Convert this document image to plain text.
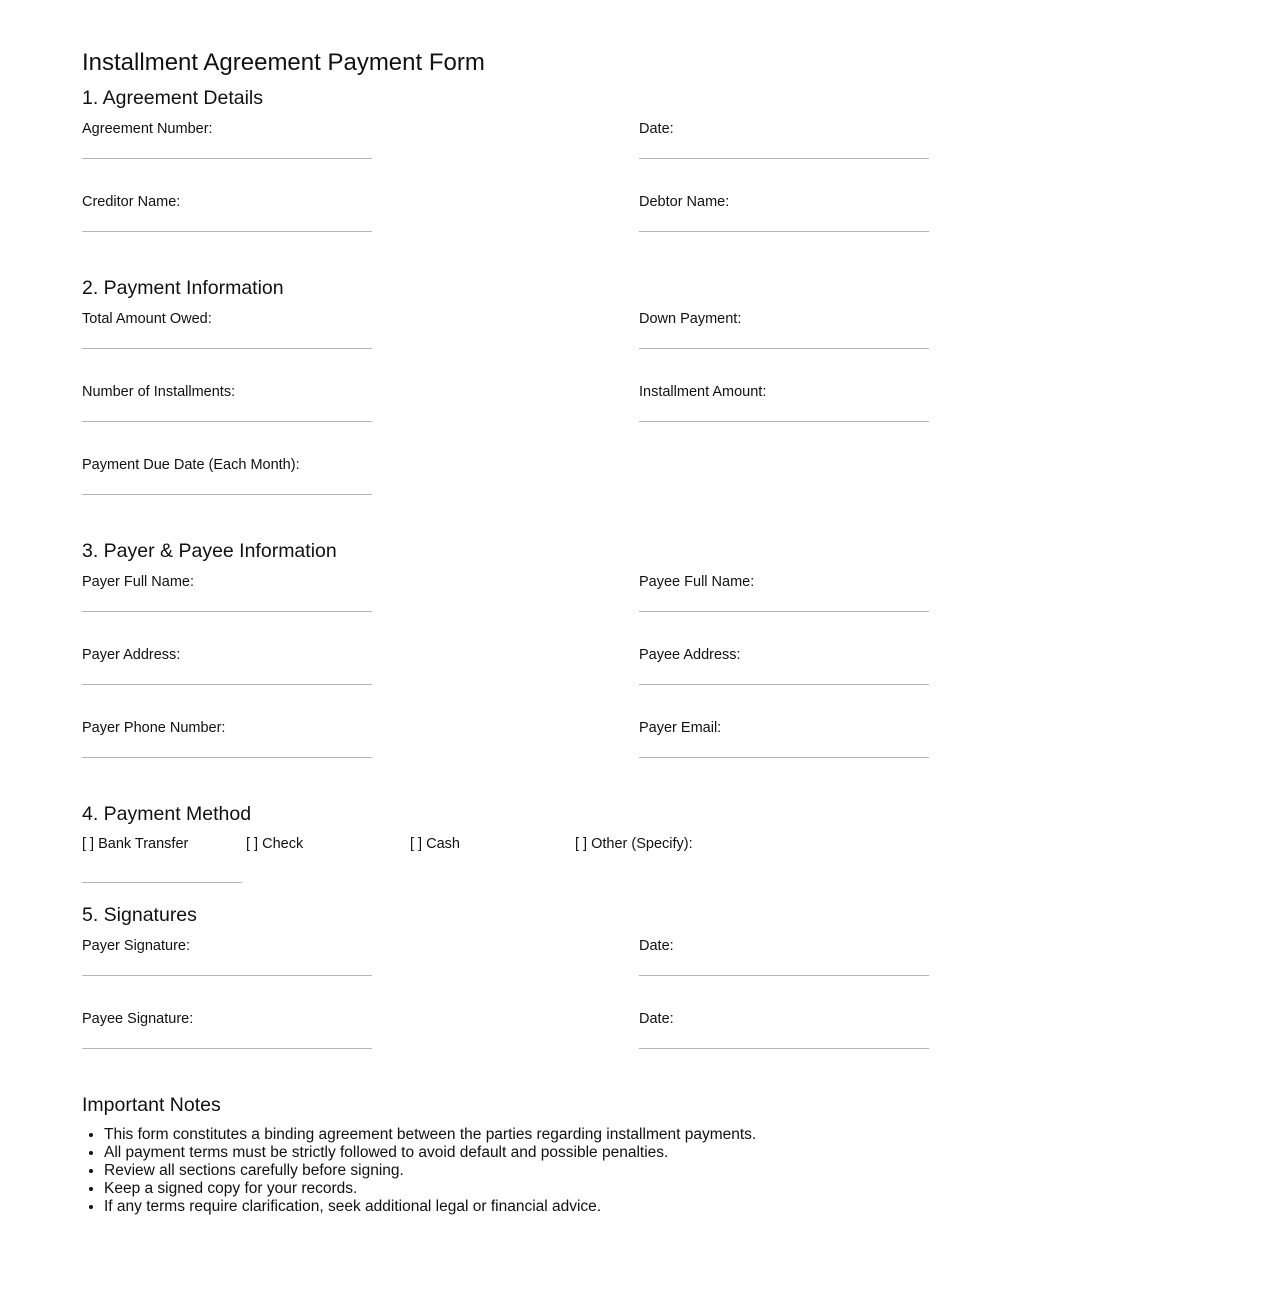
Installment Agreement Payment Form
1. Agreement Details
Agreement Number:	Date:
Creditor Name:	Debtor Name:
2. Payment Information
Total Amount Owed:	Down Payment:
Number of Installments:	Installment Amount:
Payment Due Date (Each Month):
3. Payer & Payee Information
Payer Full Name:	Payee Full Name:
Payer Address:	Payee Address:
Payer Phone Number:	Payer Email:
4. Payment Method
[ ] Bank Transfer	[ ] Check	[ ] Cash	[ ] Other (Specify):
5. Signatures
Payer Signature:	Date:
Payee Signature:	Date:
Important Notes
• This form constitutes a binding agreement between the parties regarding installment payments.
• All payment terms must be strictly followed to avoid default and possible penalties.
• Review all sections carefully before signing.
• Keep a signed copy for your records.
• If any terms require clarification, seek additional legal or financial advice.
